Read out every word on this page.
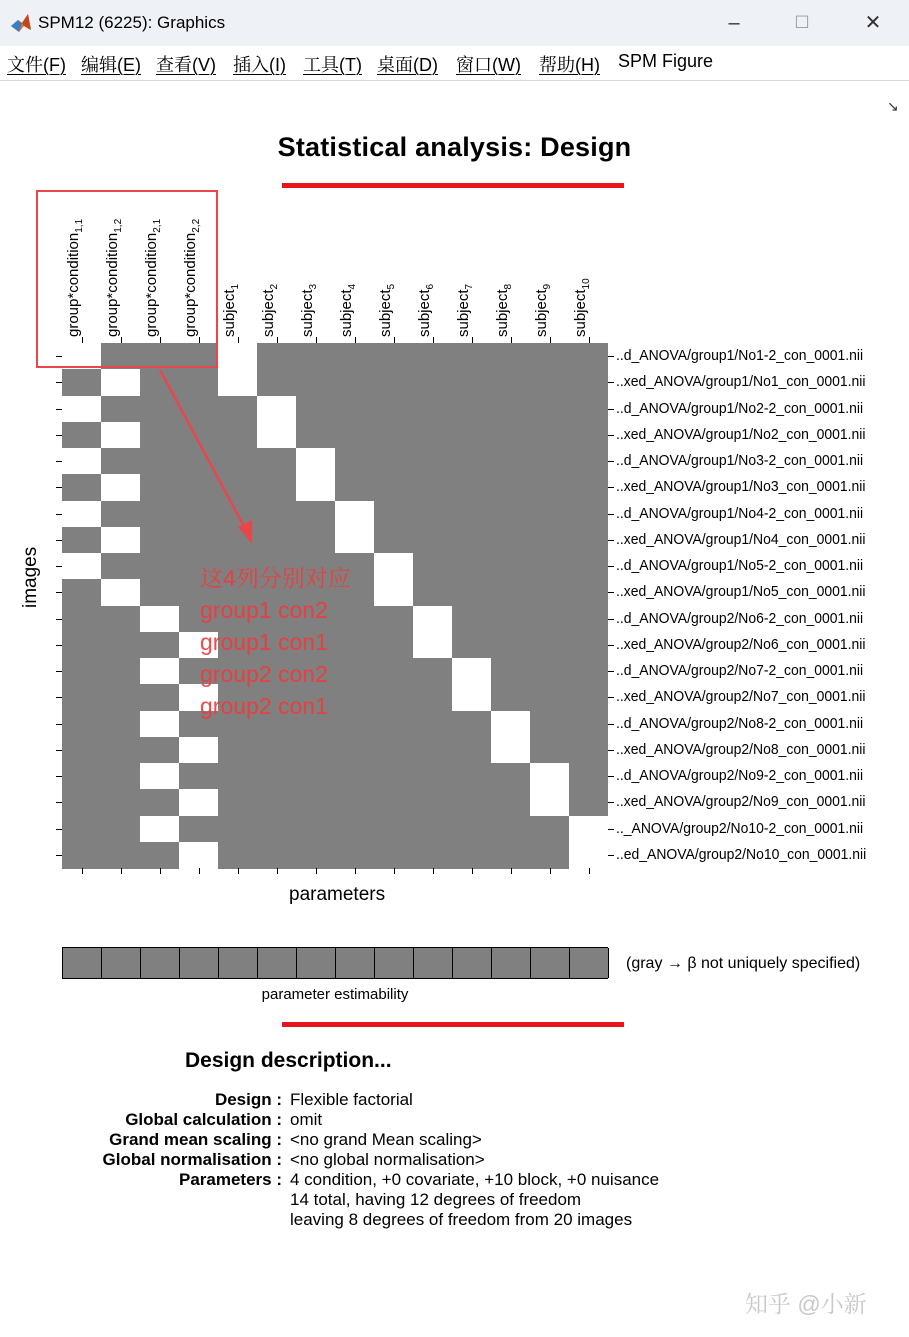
SPM12 (6225): Graphics	–	☐	✕
文件(F) 编辑(E) 查看(V) 插入(I) 工具(T) 桌面(D) 窗口(W) 帮助(H) SPM Figure
↘
Statistical analysis: Design
group*condition$_{1,1}$
group*condition$_{1,2}$
group*condition$_{2,1}$
group*condition$_{2,2}$
subject$_1$
subject$_2$
subject$_3$
subject$_4$
subject$_5$
subject$_6$
subject$_7$
subject$_8$
subject$_9$
subject$_{10}$
..d_ANOVA/group1/No1-2_con_0001.nii
..xed_ANOVA/group1/No1_con_0001.nii
..d_ANOVA/group1/No2-2_con_0001.nii
..xed_ANOVA/group1/No2_con_0001.nii
..d_ANOVA/group1/No3-2_con_0001.nii
..xed_ANOVA/group1/No3_con_0001.nii
..d_ANOVA/group1/No4-2_con_0001.nii
..xed_ANOVA/group1/No4_con_0001.nii
..d_ANOVA/group1/No5-2_con_0001.nii
..xed_ANOVA/group1/No5_con_0001.nii
..d_ANOVA/group2/No6-2_con_0001.nii
..xed_ANOVA/group2/No6_con_0001.nii
..d_ANOVA/group2/No7-2_con_0001.nii
..xed_ANOVA/group2/No7_con_0001.nii
..d_ANOVA/group2/No8-2_con_0001.nii
..xed_ANOVA/group2/No8_con_0001.nii
..d_ANOVA/group2/No9-2_con_0001.nii
..xed_ANOVA/group2/No9_con_0001.nii
.._ANOVA/group2/No10-2_con_0001.nii
..ed_ANOVA/group2/No10_con_0001.nii
images
parameters
(gray → β not uniquely specified)
parameter estimability
Design description...
Design : Flexible factorial
Global calculation : omit
Grand mean scaling : <no grand Mean scaling>
Global normalisation : <no global normalisation>
Parameters : 4 condition, +0 covariate, +10 block, +0 nuisance
14 total, having 12 degrees of freedom
leaving 8 degrees of freedom from 20 images
这4列分别对应
group1 con2
group1 con1
group2 con2
group2 con1
知乎 @小新
